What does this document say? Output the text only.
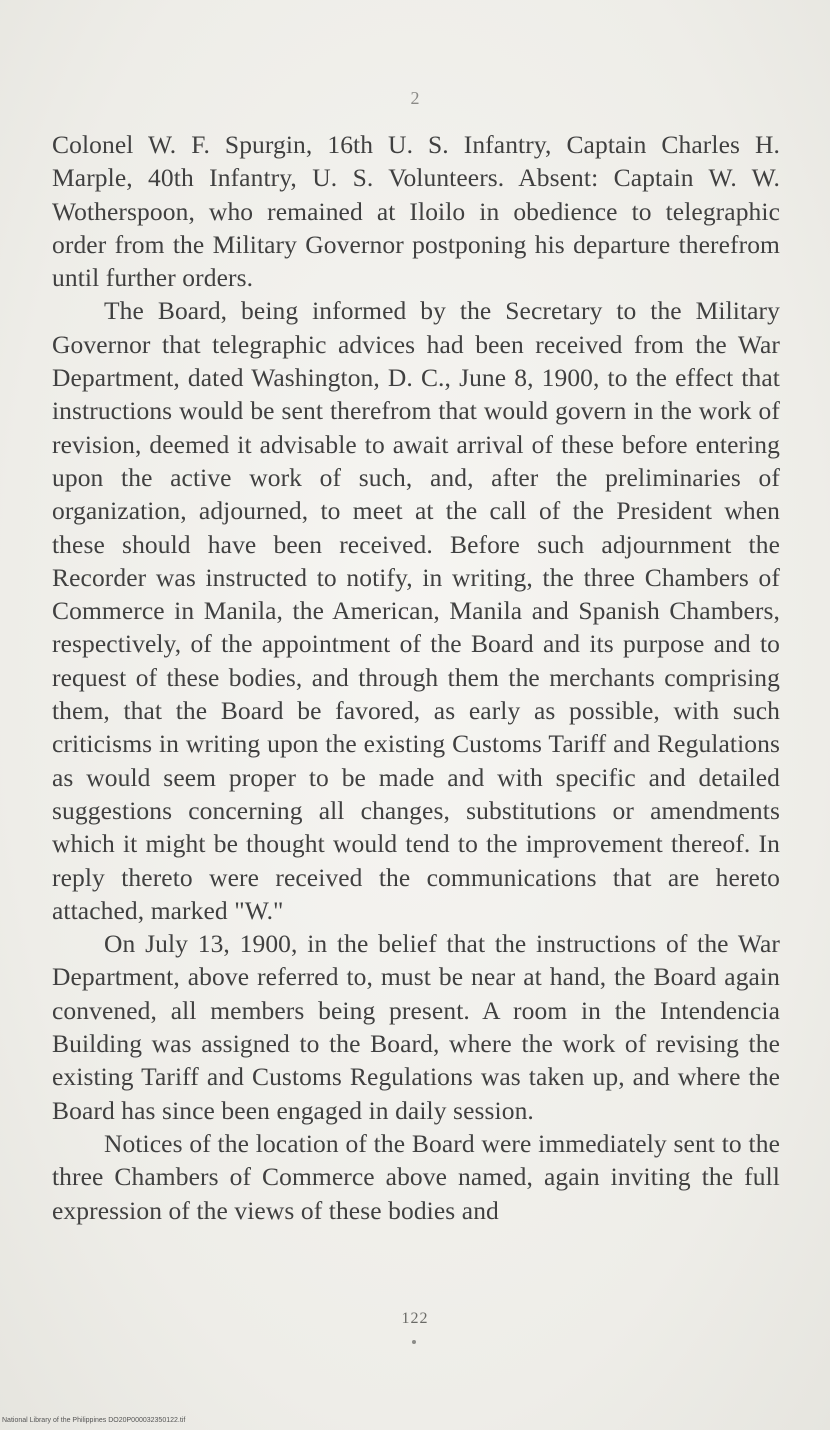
2

Colonel W. F. Spurgin, 16th U. S. Infantry, Captain Charles H. Marple, 40th Infantry, U. S. Volunteers. Absent: Captain W. W. Wotherspoon, who remained at Iloilo in obedience to telegraphic order from the Military Governor postponing his departure therefrom until further orders.

The Board, being informed by the Secretary to the Military Governor that telegraphic advices had been received from the War Department, dated Washington, D. C., June 8, 1900, to the effect that instructions would be sent therefrom that would govern in the work of revision, deemed it advisable to await arrival of these before entering upon the active work of such, and, after the preliminaries of organization, adjourned, to meet at the call of the President when these should have been received. Before such adjournment the Recorder was instructed to notify, in writing, the three Chambers of Commerce in Manila, the American, Manila and Spanish Chambers, respectively, of the appointment of the Board and its purpose and to request of these bodies, and through them the merchants comprising them, that the Board be favored, as early as possible, with such criticisms in writing upon the existing Customs Tariff and Regulations as would seem proper to be made and with specific and detailed suggestions concerning all changes, substitutions or amendments which it might be thought would tend to the improvement thereof. In reply thereto were received the communications that are hereto attached, marked "W."

On July 13, 1900, in the belief that the instructions of the War Department, above referred to, must be near at hand, the Board again convened, all members being present. A room in the Intendencia Building was assigned to the Board, where the work of revising the existing Tariff and Customs Regulations was taken up, and where the Board has since been engaged in daily session.

Notices of the location of the Board were immediately sent to the three Chambers of Commerce above named, again inviting the full expression of the views of these bodies and

122
National Library of the Philippines DO20P000032350122.tif
